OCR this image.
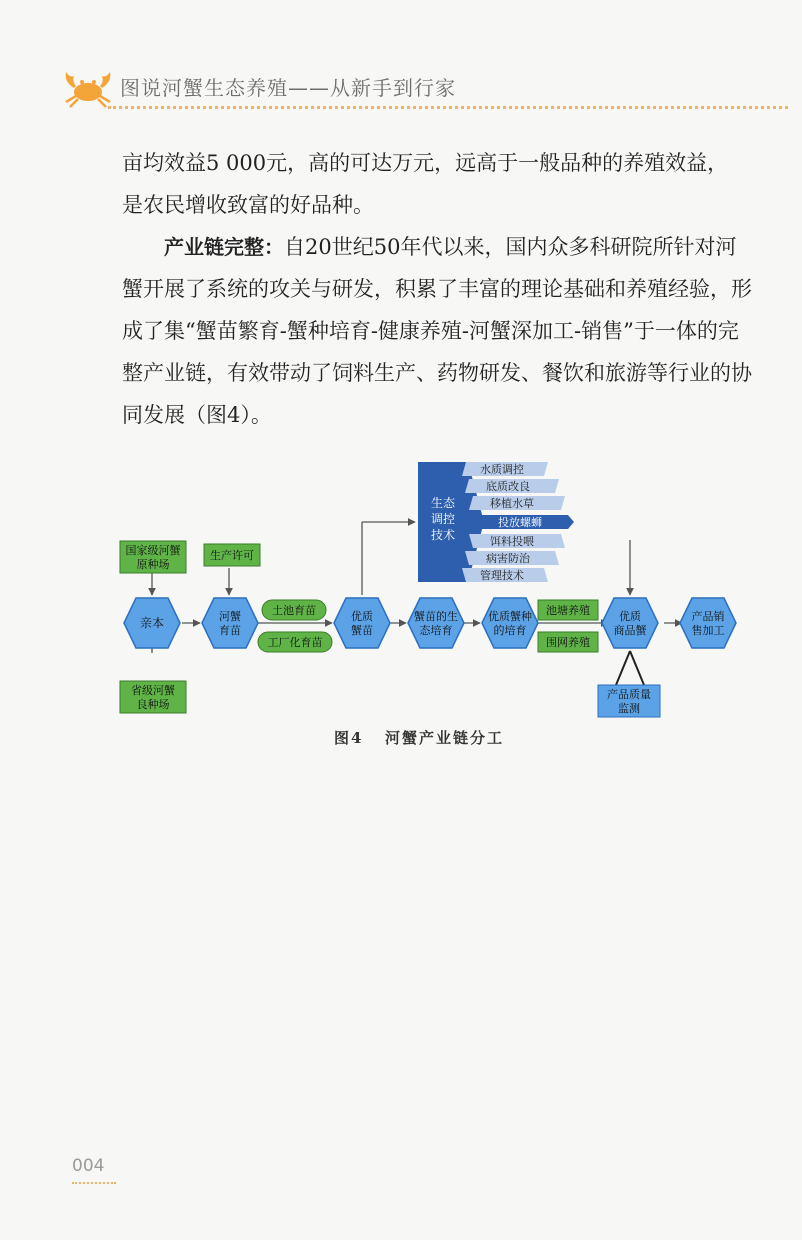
图说河蟹生态养殖——从新手到行家

亩均效益5 000元，高的可达万元，远高于一般品种的养殖效益，

是农民增收致富的好品种。

产业链完整：自20世纪50年代以来，国内众多科研院所针对河蟹开展了系统的攻关与研发，积累了丰富的理论基础和养殖经验，形成了集“蟹苗繁育-蟹种培育-健康养殖-河蟹深加工-销售”于一体的完整产业链，有效带动了饲料生产、药物研发、餐饮和旅游等行业的协同发展（图4）。

生态
调控
技术
水质调控
底质改良
移植水草
投放螺蛳
饵料投喂
病害防治
管理技术
国家级河蟹
原种场
生产许可
省级河蟹
良种场
土池育苗
工厂化育苗
池塘养殖
围网养殖
产品质量
监测
亲本	河蟹
育苗
优质
蟹苗
蟹苗的生
态培育
优质蟹种
的培育
优质
商品蟹
产品销
售加工
图4 河蟹产业链分工
004
